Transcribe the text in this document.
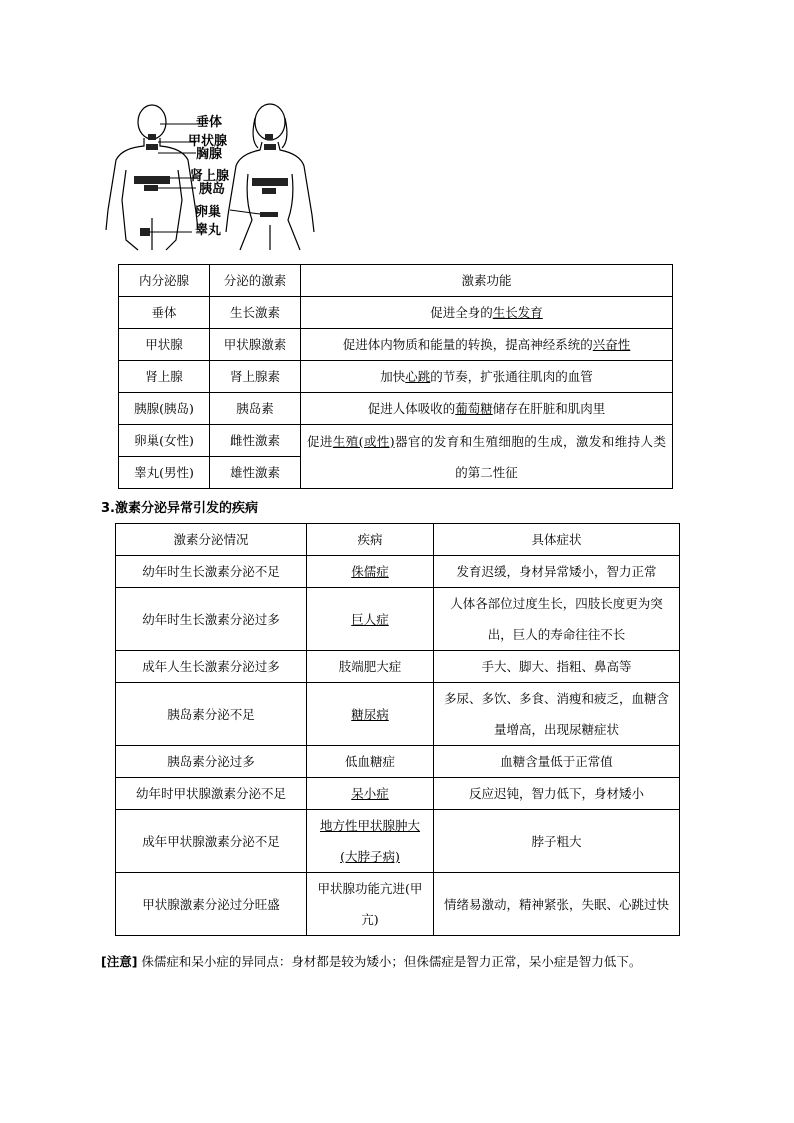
垂体
甲状腺
胸腺
肾上腺
胰岛
卵巢
睾丸
内分泌腺	分泌的激素	激素功能
垂体	生长激素	促进全身的生长发育
甲状腺	甲状腺激素	促进体内物质和能量的转换，提高神经系统的兴奋性
肾上腺	肾上腺素	加快心跳的节奏，扩张通往肌肉的血管
胰腺(胰岛)	胰岛素	促进人体吸收的葡萄糖储存在肝脏和肌肉里
卵巢(女性)	雌性激素	促进生殖(或性)器官的发育和生殖细胞的生成，激发和维持人类的第二性征
睾丸(男性)	雄性激素	
3.激素分泌异常引发的疾病
激素分泌情况	疾病	具体症状
幼年时生长激素分泌不足	侏儒症	发育迟缓，身材异常矮小，智力正常
幼年时生长激素分泌过多	巨人症	人体各部位过度生长，四肢长度更为突出，巨人的寿命往往不长
成年人生长激素分泌过多	肢端肥大症	手大、脚大、指粗、鼻高等
胰岛素分泌不足	糖尿病	多尿、多饮、多食、消瘦和疲乏，血糖含量增高，出现尿糖症状
胰岛素分泌过多	低血糖症	血糖含量低于正常值
幼年时甲状腺激素分泌不足	呆小症	反应迟钝，智力低下，身材矮小
成年甲状腺激素分泌不足	地方性甲状腺肿大(大脖子病)	脖子粗大
甲状腺激素分泌过分旺盛	甲状腺功能亢进(甲亢)	情绪易激动，精神紧张，失眠、心跳过快
[注意] 侏儒症和呆小症的异同点：身材都是较为矮小；但侏儒症是智力正常，呆小症是智力低下。
